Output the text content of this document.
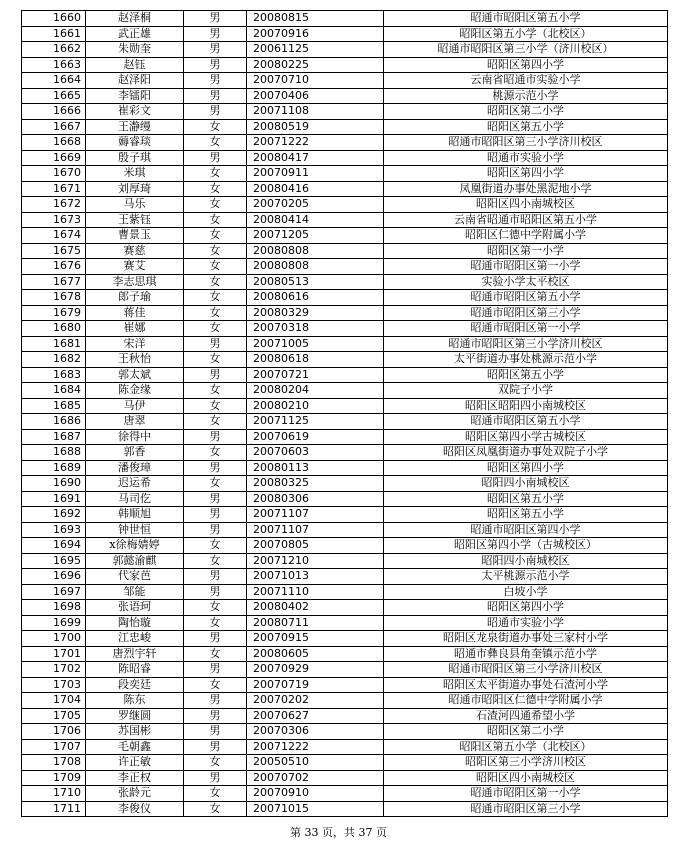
1660	赵泽桐	男	20080815	昭通市昭阳区第五小学
1661	武正雄	男	20070916	昭阳区第五小学（北校区）
1662	朱勋奎	男	20061125	昭通市昭阳区第三小学（济川校区）
1663	赵钰	男	20080225	昭阳区第四小学
1664	赵泽阳	男	20070710	云南省昭通市实验小学
1665	李镭阳	男	20070406	桃源示范小学
1666	崔彩文	男	20071108	昭阳区第二小学
1667	王瀞缦	女	20080519	昭阳区第五小学
1668	薅睿琰	女	20071222	昭通市昭阳区第三小学济川校区
1669	殷子琪	男	20080417	昭通市实验小学
1670	米琪	女	20070911	昭阳区第四小学
1671	刘厚琦	女	20080416	凤凰街道办事处黑泥地小学
1672	马乐	女	20070205	昭阳区四小南城校区
1673	王紫钰	女	20080414	云南省昭通市昭阳区第五小学
1674	曹景玉	女	20071205	昭阳区仁德中学附属小学
1675	赛慈	女	20080808	昭阳区第一小学
1676	赛艾	女	20080808	昭通市昭阳区第一小学
1677	李志思琪	女	20080513	实验小学太平校区
1678	郎子瑜	女	20080616	昭通市昭阳区第五小学
1679	蒋佳	女	20080329	昭通市昭阳区第三小学
1680	崔娜	女	20070318	昭通市昭阳区第一小学
1681	宋洋	男	20071005	昭通市昭阳区第三小学济川校区
1682	王秋怡	女	20080618	太平街道办事处桃源示范小学
1683	郭太斌	男	20070721	昭阳区第五小学
1684	陈金缘	女	20080204	双院子小学
1685	马伊	女	20080210	昭阳区昭阳四小南城校区
1686	唐翠	女	20071125	昭通市昭阳区第五小学
1687	徐得中	男	20070619	昭阳区第四小学古城校区
1688	郭香	女	20070603	昭阳区凤凰街道办事处双院子小学
1689	潘俊璋	男	20080113	昭阳区第四小学
1690	迟运希	女	20080325	昭阳四小南城校区
1691	马司仡	男	20080306	昭阳区第五小学
1692	韩顺旭	男	20071107	昭阳区第五小学
1693	钟世恒	男	20071107	昭通市昭阳区第四小学
1694	x徐梅婧婷	女	20070805	昭阳区第四小学（古城校区）
1695	郭懿渝麒	女	20071210	昭阳四小南城校区
1696	代家芭	男	20071013	太平桃源示范小学
1697	邹能	男	20071110	白坡小学
1698	张语珂	女	20080402	昭阳区第四小学
1699	陶怡璇	女	20080711	昭通市实验小学
1700	江忠峻	男	20070915	昭阳区龙泉街道办事处三家村小学
1701	唐烈宇轩	女	20080605	昭通市彝良县角奎镇示范小学
1702	陈昭睿	男	20070929	昭通市昭阳区第三小学济川校区
1703	段奕廷	女	20070719	昭阳区太平街道办事处石渣河小学
1704	陈东	男	20070202	昭通市昭阳区仁德中学附属小学
1705	罗继圆	男	20070627	石渣河四通希望小学
1706	苏国彬	男	20070306	昭阳区第二小学
1707	毛朝鑫	男	20071222	昭阳区第五小学（北校区）
1708	许正敏	女	20050510	昭阳区第三小学济川校区
1709	李正权	男	20070702	昭阳区四小南城校区
1710	张龄元	女	20070910	昭通市昭阳区第一小学
1711	李俊仪	女	20071015	昭通市昭阳区第三小学
第 33 页，共 37 页
